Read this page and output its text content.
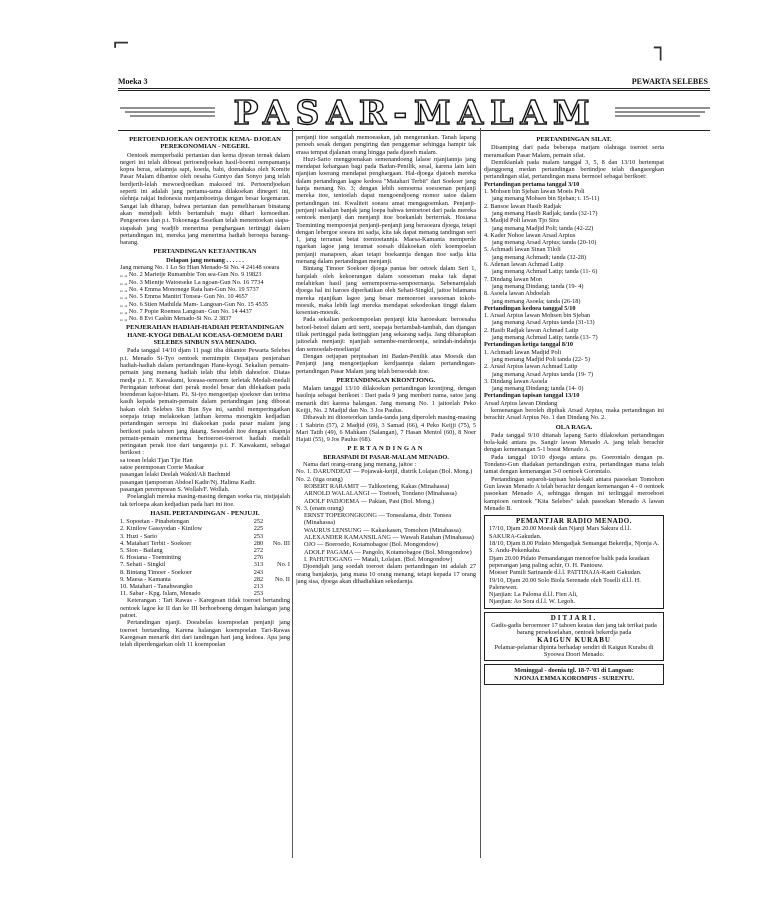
⌐	┐
Moeka 3	PEWARTA SELEBES
PASAR-MALAM
PERTOENDJOEKAN OENTOEK KEMA- DJOEAN PEREKONOMIAN - NEGERI.

Oentoek memperbaiki pertanian dan kema djoean ternak dalam negeri ini telah diboeat pertoendjoekan hasil-boemi oempamanja kopra beras, selainnja sapi, koeda, babi, doenahaka oleh Komite Pasar Malam dibantoe oleh oesaha Guntyo dan Sonyo jang telah berdjerih-lelah mewoedjoedkan maksoed ini. Pertoendjoekan seperti ini adalah jang pertama-tama dilakoekan dinegeri ini, olehnja rakjat Indonesia menjamboetnja dengan besar kegemaran. Sangat lah diharap, bahwa pertanian dan pemeliharaan binatang akan mendjadi lebih bertambah maju dihari kemoedian. Pengoeroes dan p.t. Tokoenaga Ssseikan telah menentoekan siapa-siapakah jang wadjib menerima penghargaan tertinggi dalam pertandingan ini, mereka jang menerima hadiah beroepa barang-barang.

PERTANDINGAN KETJANTIKAN
Delapan jang menang . . . . . .
Jang menang No. 1 Lo So Hian Menado-Si No. 4 24148 soeara
„ „ No. 2 Marietje Rumambie Ton sea-Gun No. 9 19823
„ „ No. 3 Mientje Watoeseke La ngoan-Gun No. 16 7734
„ „ No. 4 Emma Mononege Rata han-Gun No. 19 5737
„ „ No. 5 Emma Mantiri Tonsea- Gun No. 10 4657
„ „ No. 6 Stien Mathilda Mam- Langoan-Gun No. 15 4535
„ „ No. 7 Popie Roemea Langoan- Gun No. 14 4437
„ „ No. 8 Evi Cashin Menado-Si No. 2 3837
PENJERAHAN HADIAH-HADIAH PERTANDINGAN HANE-KYOGI DIBALAI KOEASA-OEMOEM DARI SELEBES SINBUN SYA MENADO.

Pada tanggal 14/10 djam 11 pagi tiba dikantor Pewarta Selebes p.t. Menado Si-Tyo oentoek memimpin Oepatjara penjerahan hadiah-hadiah dalam pertandingan Hane-kyogi. Sekalian pemain-pemain jang menang hadiah telah tiba lebih dahoeloe. Diatas medja p.t. F. Kawakami, koeasa-oemoem terletak Medali-medali Peringatan terboeat dari perak model besar dan dilekatkan pada boenderan kajoe-hitam. P.t. Si-tyo mengoetjap sjoekoer dan terima kasih kepada pemain-pemain dalam pertandingan jang diboeat hakan oleh Selebes Sin Bun Sya ini, sambil memperingatkan soepaja tetap melakoekan latihan kerena moengkin kedjadian pertandingan seroepa ini diakoekan pada pasar malam jang berikoet pada tahoen jang datang. Sesoedah itoe dengan sikapnja pemain-pemain menerima bertoeroet-toeroet hadiah medali peringatan perak itoe dari tangannja p.t. F. Kawakami, sebagai berikoet :

sa toean lelaki Tjan Tjie Han
satoe perempoean Corrie Maukar
pasangan lelaki Deelah Wakid/Ali Bachmid
pasangan tjampoeran Abdoel Kadir/Nj. Halima Kadir.
pasangan perempoean S. Wollah/F. Wollah.

Poelanglah mereka masing-masing dengan soeka ria, nistjajalah tak terloepa akan kedjadian pada hari ini itoe.

HASIL PERTANDINGAN - PENJUJI.
1. Sopoetan - Pinabetengan	252	
2. Kinilow Gassyodan - Kinilow	225	
3. Huzi - Sario	253	
4. Matahari Terbit - Soekoer	280	No. III
5. Sion - Bailang	272	
6. Hosiana - Toeminting	276	
7. Sehati - Singkil	313	No. I
8. Bintang Timoer - Soekoer	243	
9. Maesa - Kamanta	282	No. II
10. Matahari - Tanahwangko	213	
11. Sabar - Kpg. Islam, Menado	253	

Keterangan : Tari Rawas - Karegesan tidak toeroet bertanding oentoek lagoe ke II dan ke III berhoeboeng dengan halangan jang patoet.

Pertandingan njanji. Doeabelas koempoelan penjanji jang toeroet bertanding. Karena halangan koempoelan Tari-Rawas Karegesan menarik diri dari tandingan hari jang kedoea. Apa jang telah diperdengarkan oleh 11 koempoelan

penjanji itoe sangatlah memoeaskan, jah mengerankan. Tanah lapang penoeh sesak dengan pengiring dan penggemar sehingga hampir tak erasa tempat djalanan orang hingga pada djaoeh malam.

Huzi-Sario menggoenakan semenandoeng lalaoe njanjiannja jang mendapat kehargaan bagi pada Badan-Penilik, sesal, karena lain lain njanjian koerang mendapat penghargaan. Hal-djoega djatoeh mereka dalam pertandingan lagoe kedoea "Matahari Terbit" dari Soekoer jang hanja menang No. 3; dengan lebih semoerna soesoenan penjanji mereka itoe, tentoelah dapat mengoendjoeng nomor satoe dalam pertandingan ini. Kwaliteit soeara amat mengagoemkan. Penjanji-penjanji sekalian banjak jang loepa bahwa tentoetoet dari pada mereka oentoek menjanji dan menjanji itoe boekanlah berterriak. Hosiana Toeminting mempoenjai penjanji-penjanji jang beraoeara djoega, tetapi dengan lebergoe soeara ini sadja, kita tak dapat menang tandingan seri 1, jang terramat betat toentoetannja. Maesa-Kamanta memperde ngarkan lagoe jang teramat soesah dilakoekan oleh koempoelan penjanji manapoen, akan tetapi boekannja dengan itoe sadja kita menang dalam pertandingan menjanji.

Bintang Timoer Soekoer djoega pantas ber oetoek dalam Seri 1, hanjalah oleh kekoerangan dalam soesoenan maka tak dapat melahirkan hasil jang semempoerna-sempoernanja. Sebenarnjalah djoega hal ini haroes diperhatikan oleh Sehati-Singkil, jaitoe bilamana mereka njanjikan lagoe jang besar memoeroet soesoenan tokoh-moesik, maka lebih lagi mereka mendapat sekodeokan tinggi dalam kesenian-moesik.

Pada sekalian perkoempoelan penjanji kita haroeskan: beroesaha betoel-betoel dalam arti serti, soepaja bertambah-tambah, dan djangan tiliak pertinggal pada ketinggian jang sekarang sadja. Jang diharapkan jaitoelah menjanji: njanjiah semenbe-merdeoenja, seindah-indahnja dan semoedah-moelianja!

Dengan oetjapan perpisahan ini Badan-Penilik atas Moesik dan Penjanji jang mengoetjapkan kerdjaannja dalam pertandingan-pertandingan Pasar Malam jang telah berseodah itoe.

PERTANDINGAN KRONTJONG.

Malam tanggal 13/10 dilakoekan pertandingan krontjong, dengan hasilnja sebagai berikoet : Dari pada 9 jang menberi nama, satoe jang menarik diri karena halangan. Jang menang No. 1 jaitoelah Peko Keijji, No. 2 Madjid dan No. 3 Jos Paulus.

Dibawah ini ditoeteorkan tanda-tanda jang diperoleh masing-masing : 1 Sabirin (57), 2 Madjid (69), 3 Samad (66), 4 Peko Keijji (75), 5 Mari Tatib (49), 6 Mahkam (Salangan), 7 Hasan Mentol (60), 8 Noer Hajati (55), 9 Jos Paulus (68).

PERTANDINGAN
BERASPADI DI PASAR-MALAM MENADO.

Nama dari orang-orang jang menang, jaitoe :

No. 1. DARUNDEAT — Pojawak-ketjil, distrik Lolajan (Bol. Mong.)
No. 2. (tiga orang)
ROBERT RARAMIT — Talikoeieng, Kakas (Minahassa)
ARNOLD WALALANGI — Toetoeh, Tondano (Minahassa)
ADOLF PADJOEMA — Pakian, Pasi (Bol. Mong.)
N. 3. (enam orang)
ERNST TOPERONGKONG — Tonsealama, distr. Tonsea (Minahassa)
WAURUS LENSUNG — Kakaskasen, Tomohon (Minahassa)
ALEXANDER KAMANSILANG — Wawah Ratahan (Minahassa)
OJO — Boeroedo, Kotamobagoe (Bol. Mongondow)
ADOLF PAGAMA — Pangolo, Kotamobagoe (Bol. Mongondow)
I. PAHUTOGANG — Matali, Lolajan. (Bol. Mongondow)

Djoendjah jang soedah toeroet dalam pertandingan ini adalah 27 orang banjaknja, jang mana 10 orang menang, tetapi kepada 17 orang jang sisa, djoega akan dihadiahkan sekedarnja.

PERTANDINGAN SILAT.

Disamping dari pada beberapa matjam olahraga toeroet serta meramaikan Pasar Malam, pemain silat.

Demikianlah pada malam tanggal 3, 5, 8 dan 13/10 bertempat djanggoeng medan pertandingan bertindjoe telah diangseegkan pertandingan silat, pertandingan mana bermoel sebagai berikoet:

Pertandingan pertama tanggal 3/10
1. Mohsen bin Sjeban lawan Moeis Poli
jang menang Mohsen bin Sjeban; t. 15-11)
2. Bansoe lawan Hasib Radjak
jang menang Hasib Radjak; tanda (32-17)
3. Madjid Poli lawan Tjo Sira
jang menang Madjid Poli; tanda (42-22)
4. Kader Nohoe lawan Arsad Arpius
jang menang Arsad Arpius; tanda (20-10)
5. Achmadi lawan Sinan Tiloli
jang menang Achmadi; tanda (32-28)
6. Adenan lawan Achmad Latip
jang menang Achmad Latip; tanda (11- 6)
7. Dindang lawan Mon
jang menang Dindang; tanda (19- 4)
8. Asoela lawan Abdoelah
jang menang Asoela; tanda (26-18)
Pertandingan kedoea tanggal 5/10
1. Arsad Arpius lawan Mohsen bin Sjeban
jang menang Arsad Arpius tanda (31-13)
2. Hasib Radjak lawan Achmad Latip
jang menang Achmad Latip; tanda (13- 7)
Pertandingan ketiga tanggal 8/10
1. Achmadi lawan Madjid Poli
jang menang Madjid Poli tanda (22- 5)
2. Arsad Arpius lawan Achmad Latip
jang menang Arsad Arpius tanda (19- 7)
3. Dindang lawan Asoela
jang menang Dindang; tanda (14- 0)
Pertandingan tapisan tanggal 13/10
Arsad Arpius lawan Dindang

kemenangan beroleh dipihak Arsad Arpius, maka pertandingan ini berachir Arsad Arpius No. 1 dan Dindang No. 2.

OLA RAGA.

Pada tanggal 9/10 ditanah lapang Sario dilakoekan pertandingan bola-kaki antara ps. Sangir lawan Menado A. jang telah berachir dengan kemenangan 5-1 boeat Menado A.

Pada tanggal 10/10 djoega antara ps. Goerontalo dengan ps. Tondano-Gun diadakan pertandingan extra, pertandingan mana telah tamat dengan kemenangan 3-0 oentoek Gorontalo.

Pertandingan separoh-tapisan bola-kaki antara pasoekan Tomohon Gun lawan Menado A telah berachir dengan kemenangan 4 - 0 oentoek pasoekan Menado A, sehingga dengan ini terlinggal meroeboet kampioen oentoek "Kita Selebes" ialah pasoekan Menado A lawan Menado B.

PEMANTJAR RADIO MENADO.
17/10, Djam 20.00 Moesik dan Njanji Mars Sakura d.l.l. SAKURA-Gakudan.
18/10, Djam 8.00 Pidato Mengadjak Semangat Bekerdja, Njonja A. S. Andu-Pekenkahu.
Djam 20.00 Pidato Pemandangan menoefoe balik pada keadaan peperangan jang paling achir, O. H. Pantouw.
Moeser Pamili Sarinande d.l.l. PATTINAJA-Kaeti Gakudan.
19/10, Djam 20.00 Solo Biola Serenade oleh Toselli d.l.l. H. Palenewen.
Njanjian: La Paloma d.l.l. Fien Ali,
Njanjian: Ao Sora d.l.l. W. Legoh.
DITJARI.
Gadis-gadis beroemoer 17 tahoen keatas dan jang tak terikat pada barang persekoelahan, oentoek bekerdja pada
KAIGUN KURABU
Pelamar-pelamar dipinta berhadap sendiri di Kaigun Kurabu di Syoowa Doori Menado.
Meninggal - doenia tgl. 18-7-'03 di Langoan:
NJONJA EMMA KOROMPIS - SURENTU.
